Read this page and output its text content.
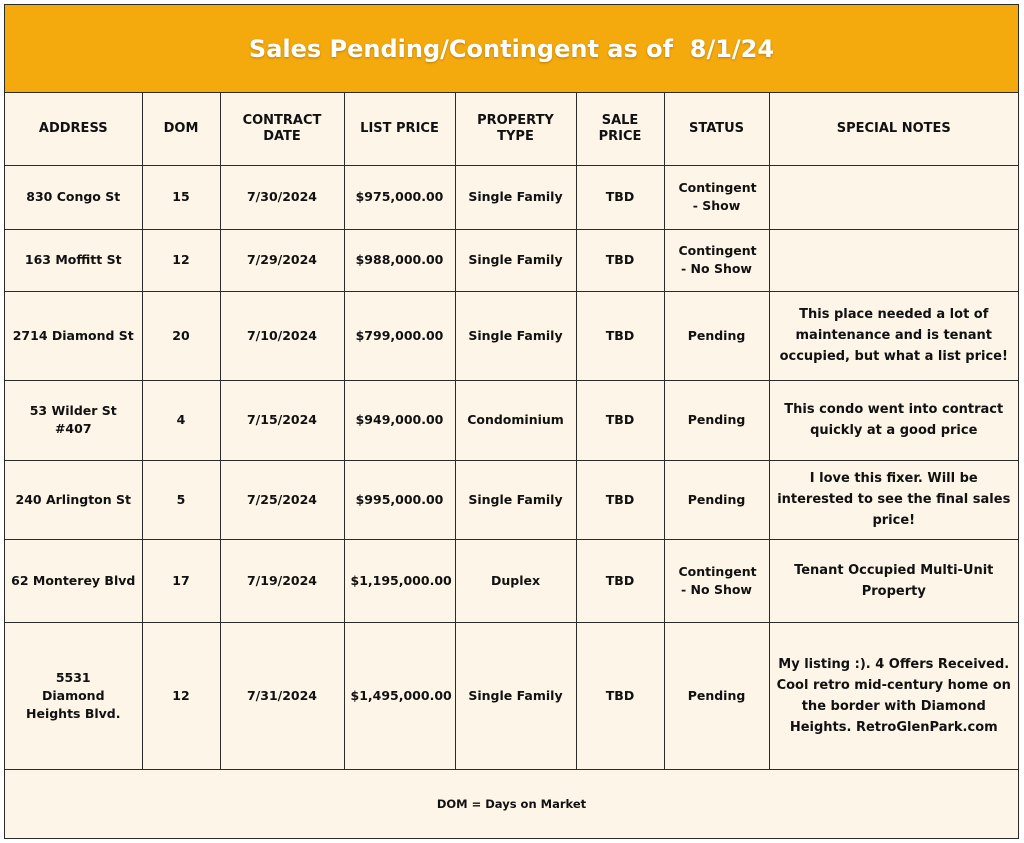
Sales Pending/Contingent as of  8/1/24
ADDRESS	DOM	CONTRACT DATE	LIST PRICE	PROPERTY TYPE	SALE PRICE	STATUS	SPECIAL NOTES
830 Congo St	15	7/30/2024	$975,000.00	Single Family	TBD	Contingent - Show	
163 Moffitt St	12	7/29/2024	$988,000.00	Single Family	TBD	Contingent - No Show	
2714 Diamond St	20	7/10/2024	$799,000.00	Single Family	TBD	Pending	This place needed a lot of maintenance and is tenant occupied, but what a list price!
53 Wilder St #407	4	7/15/2024	$949,000.00	Condominium	TBD	Pending	This condo went into contract quickly at a good price
240 Arlington St	5	7/25/2024	$995,000.00	Single Family	TBD	Pending	I love this fixer. Will be interested to see the final sales price!
62 Monterey Blvd	17	7/19/2024	$1,195,000.00	Duplex	TBD	Contingent - No Show	Tenant Occupied Multi-Unit Property
5531 Diamond Heights Blvd.	12	7/31/2024	$1,495,000.00	Single Family	TBD	Pending	My listing :). 4 Offers Received. Cool retro mid-century home on the border with Diamond Heights. RetroGlenPark.com
DOM = Days on Market							
